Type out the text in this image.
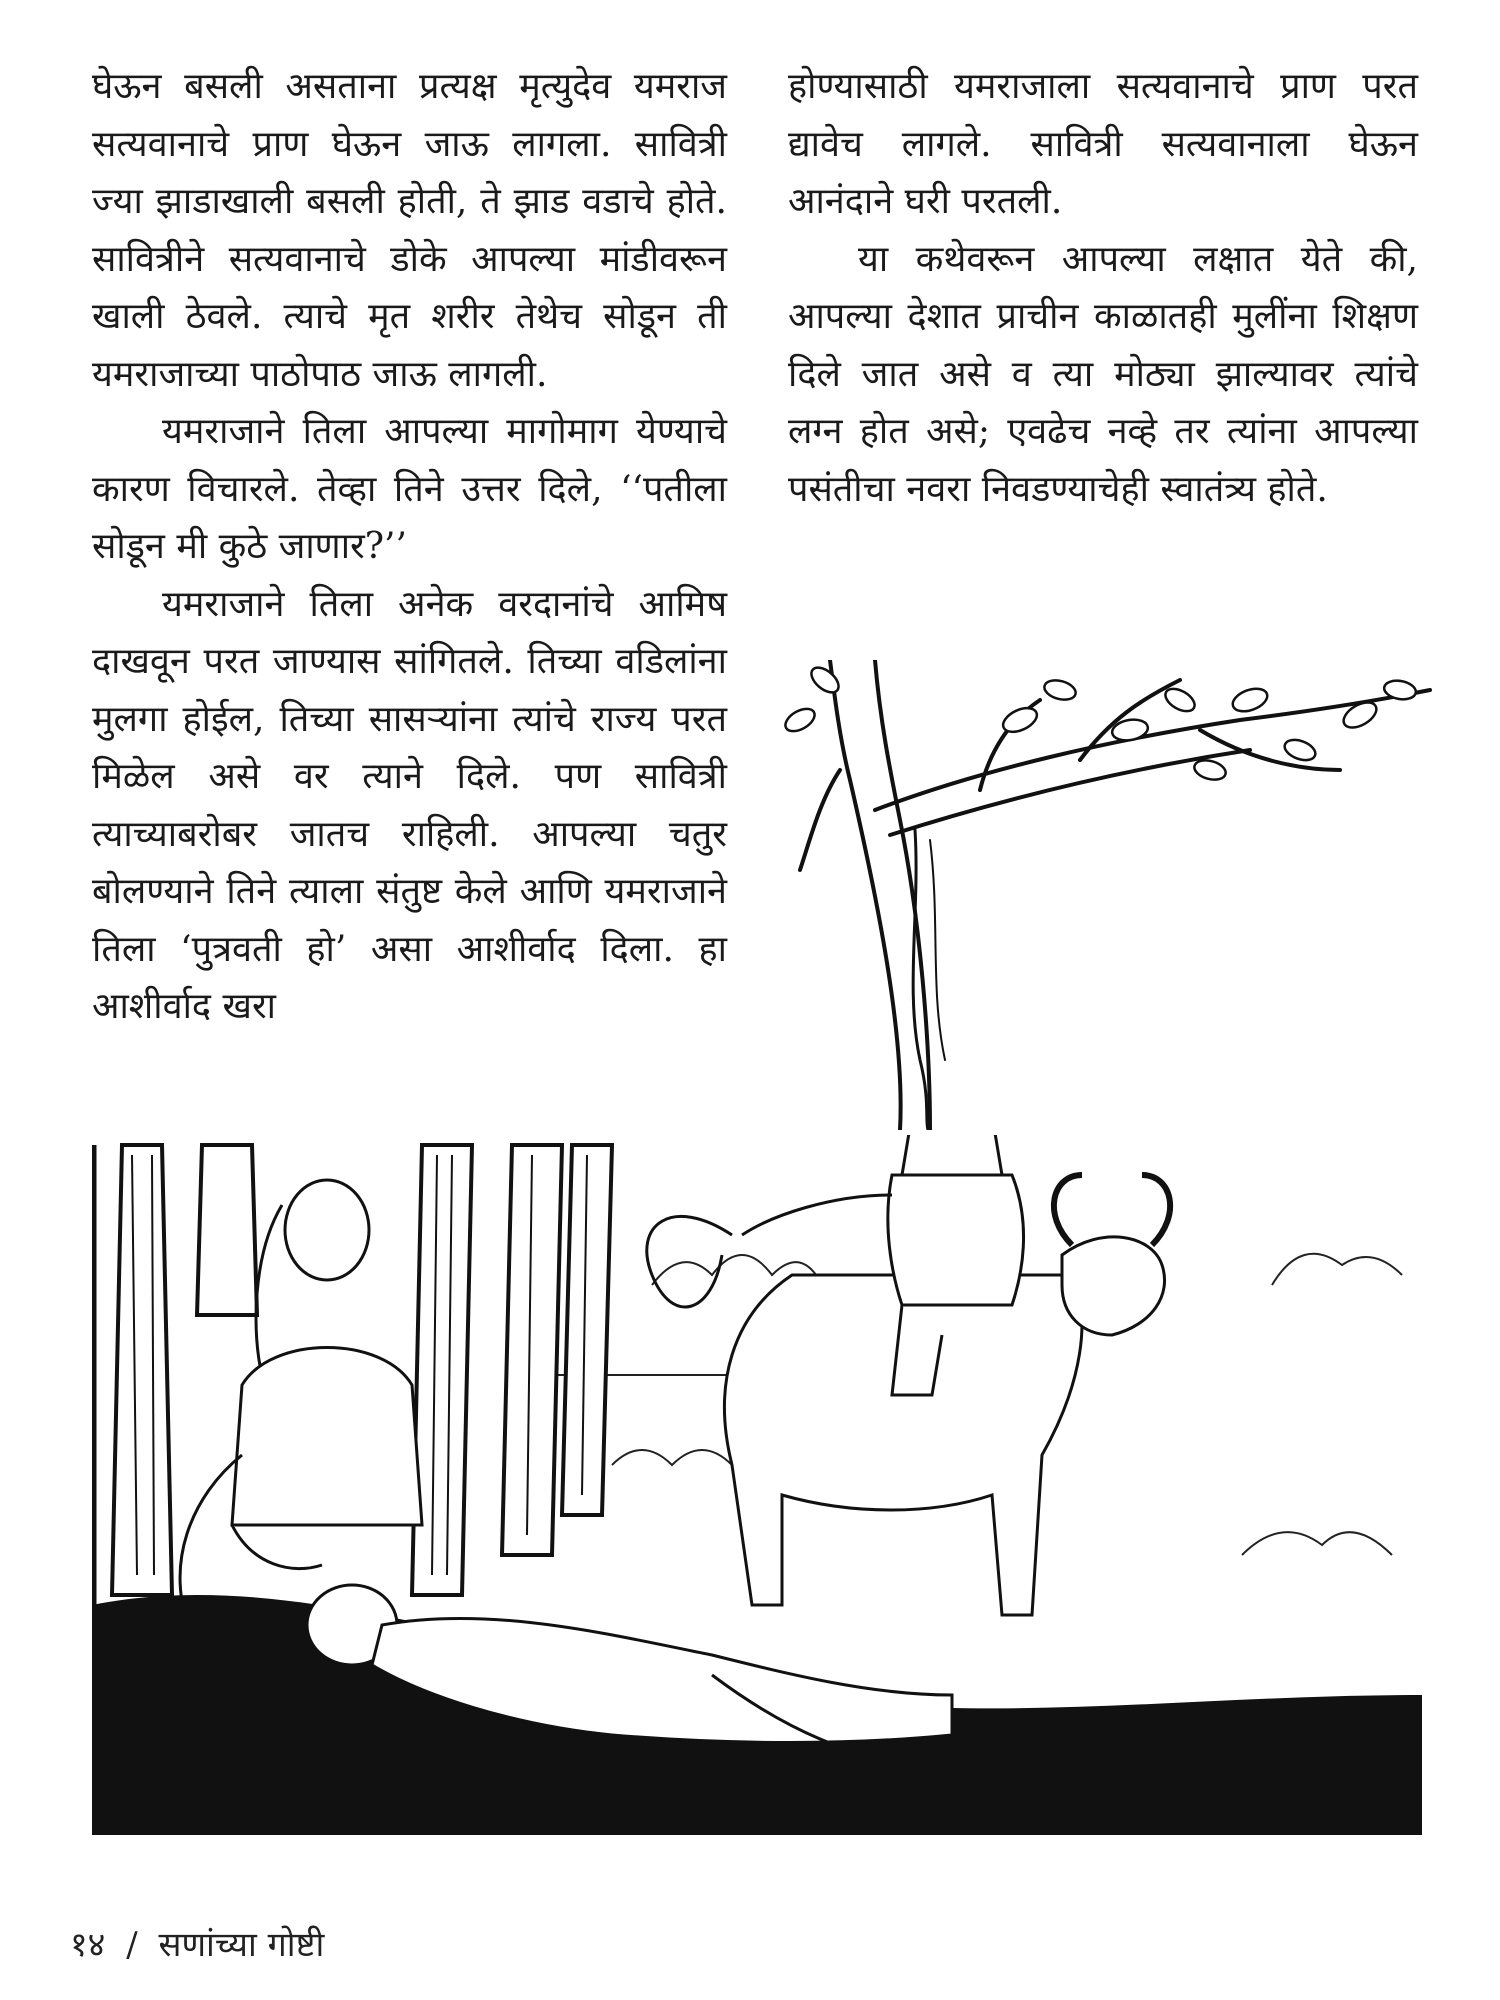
घेऊन बसली असताना प्रत्यक्ष मृत्युदेव यमराज सत्यवानाचे प्राण घेऊन जाऊ लागला. सावित्री ज्या झाडाखाली बसली होती, ते झाड वडाचे होते. सावित्रीने सत्यवानाचे डोके आपल्या मांडीवरून खाली ठेवले. त्याचे मृत शरीर तेथेच सोडून ती यमराजाच्या पाठोपाठ जाऊ लागली.

यमराजाने तिला आपल्या मागोमाग येण्याचे कारण विचारले. तेव्हा तिने उत्तर दिले, ‘‘पतीला सोडून मी कुठे जाणार?’’

यमराजाने तिला अनेक वरदानांचे आमिष दाखवून परत जाण्यास सांगितले. तिच्या वडिलांना मुलगा होईल, तिच्या सासऱ्यांना त्यांचे राज्य परत मिळेल असे वर त्याने दिले. पण सावित्री त्याच्याबरोबर जातच राहिली. आपल्या चतुर बोलण्याने तिने त्याला संतुष्ट केले आणि यमराजाने तिला ‘पुत्रवती हो’ असा आशीर्वाद दिला. हा आशीर्वाद खरा

होण्यासाठी यमराजाला सत्यवानाचे प्राण परत द्यावेच लागले. सावित्री सत्यवानाला घेऊन आनंदाने घरी परतली.

या कथेवरून आपल्या लक्षात येते की, आपल्या देशात प्राचीन काळातही मुलींना शिक्षण दिले जात असे व त्या मोठ्या झाल्यावर त्यांचे लग्न होत असे; एवढेच नव्हे तर त्यांना आपल्या पसंतीचा नवरा निवडण्याचेही स्वातंत्र्य होते.

१४ / सणांच्या गोष्टी
